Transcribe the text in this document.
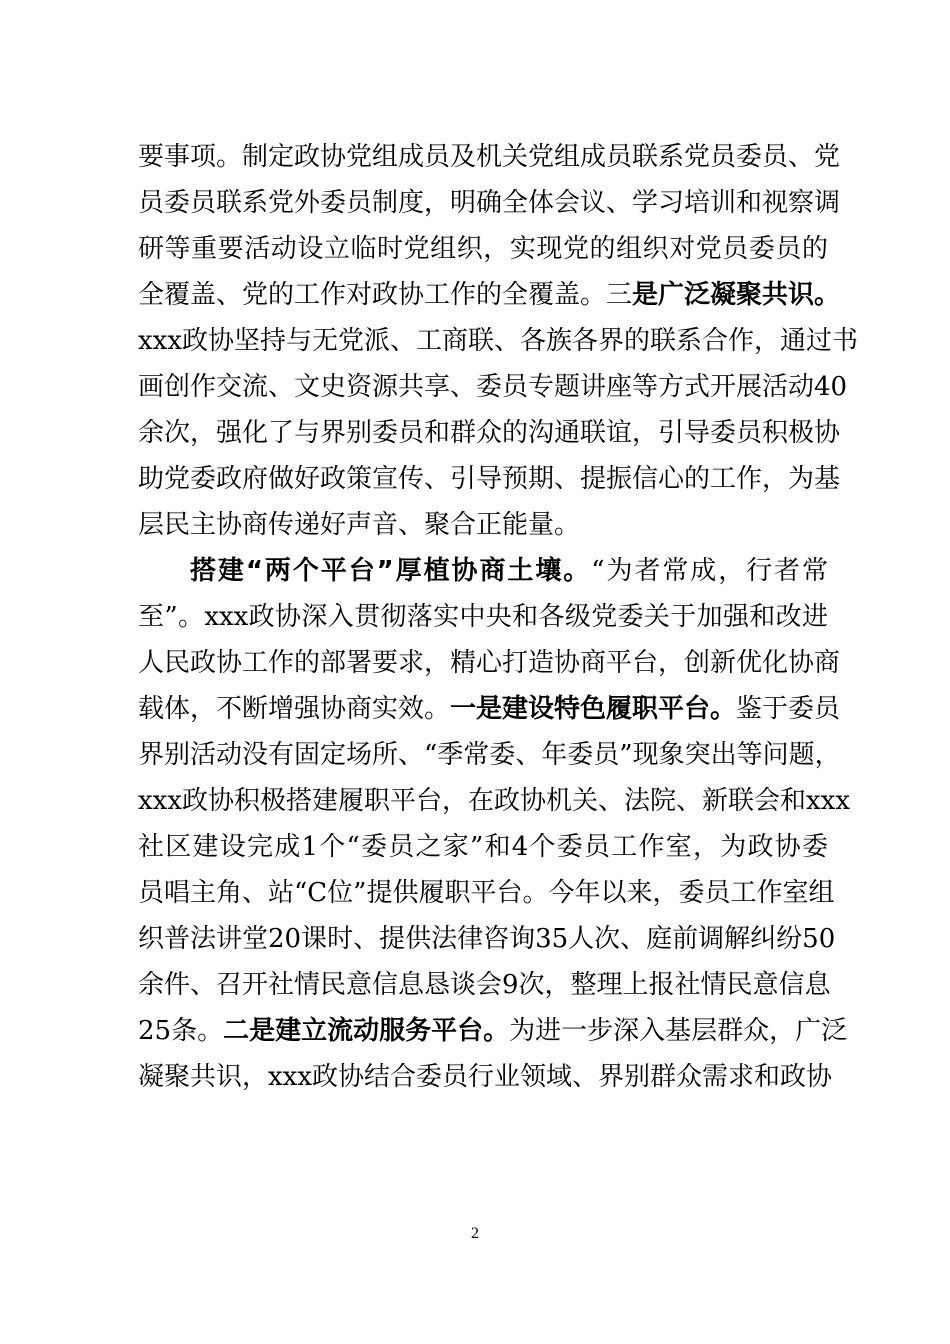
要事项。制定政协党组成员及机关党组成员联系党员委员、党
员委员联系党外委员制度，明确全体会议、学习培训和视察调
研等重要活动设立临时党组织，实现党的组织对党员委员的
全覆盖、党的工作对政协工作的全覆盖。三是广泛凝聚共识。
xxx政协坚持与无党派、工商联、各族各界的联系合作，通过书
画创作交流、文史资源共享、委员专题讲座等方式开展活动40
余次，强化了与界别委员和群众的沟通联谊，引导委员积极协
助党委政府做好政策宣传、引导预期、提振信心的工作，为基
层民主协商传递好声音、聚合正能量。
搭建“两个平台”厚植协商土壤。“为者常成，行者常
至”。xxx政协深入贯彻落实中央和各级党委关于加强和改进
人民政协工作的部署要求，精心打造协商平台，创新优化协商
载体，不断增强协商实效。一是建设特色履职平台。鉴于委员
界别活动没有固定场所、“季常委、年委员”现象突出等问题，
xxx政协积极搭建履职平台，在政协机关、法院、新联会和xxx
社区建设完成1个“委员之家”和4个委员工作室，为政协委
员唱主角、站“C位”提供履职平台。今年以来，委员工作室组
织普法讲堂20课时、提供法律咨询35人次、庭前调解纠纷50
余件、召开社情民意信息恳谈会9次，整理上报社情民意信息
25条。二是建立流动服务平台。为进一步深入基层群众，广泛
凝聚共识，xxx政协结合委员行业领域、界别群众需求和政协
2
